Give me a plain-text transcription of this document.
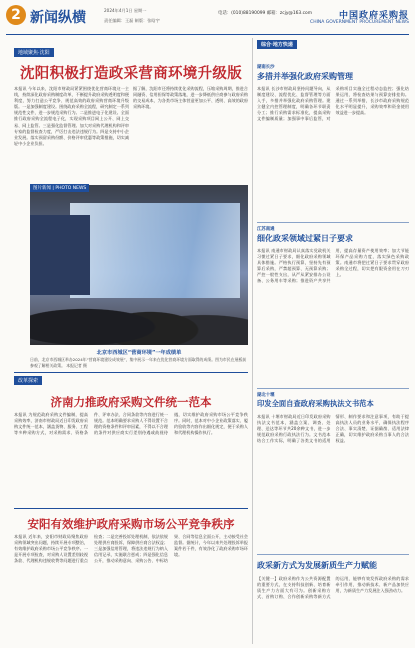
2 新闻纵横	2024年4月1日 星期一
责任编辑：王磊 制版：张晗宇
电话：(010)88190099 邮箱：zcjy@163.com	中国政府采购报
CHINA GOVERNMENT PROCUREMENT NEWS
地域聚焦·沈阳
沈阳积极打造政采营商环境升级版
本报讯 今年以来，沈阳市财政局紧紧围绕优化营商环境这一主线，持续深化政府采购制度改革，不断提升政府采购透明度和便利度，努力打造公平竞争、规范高效的政府采购营商环境升级版。一是加强制度建设。围绕政府采购全流程，研究制定一系列规范性文件，进一步规范采购行为。二是推进电子化建设。全面推行政府采购全流程电子化，实现采购项目网上公开、网上交易、网上监管。三是强化监督管理。加大对采购代理机构和评审专家的监督检查力度，严厉打击违法违规行为。四是支持中小企业发展。落实预留采购份额、价格评审优惠等政策措施，切实减轻中小企业负担。
据了解，沈阳市还将持续优化采购流程，压缩采购周期，推进合同融资、信用担保等政策落地，进一步降低供应商参与政府采购的交易成本，为各类市场主体营造更加公平、透明、高效的政府采购环境。
图片新闻 | PHOTO NEWS
北京市西城区“营商环境”一年成绩单
日前，北京市西城区举办2024年“营商环境建设成效展”，集中展示一年来在优化营商环境方面取得的成绩。图为市民在展板前参观了解相关政策。 本报记者 摄
改革探索
济南力推政府采购文件统一范本
本报讯 为规范政府采购文件编制，提高采购效率，济南市财政局近日印发政府采购文件统一范本，涵盖货物、服务、工程等多种采购方式，对采购需求、资格条件、评审办法、合同条款等内容进行统一规范。范本明确要求采购人不得设置不合理的资格条件和评审因素，不得以不合理的条件对供应商实行差别待遇或歧视待遇，切实维护政府采购市场公平竞争秩序。同时，范本对中小企业政策落实、履约验收等内容作出细化规定，便于采购人和代理机构操作执行。
安阳有效维护政府采购市场公平竞争秩序
本报讯 近年来，安阳市财政局聚焦政府采购领域突出问题，持续开展专项整治，有效维护政府采购市场公平竞争秩序。一是开展专项检查，对采购人设置差别歧视条款、代理机构违规收费等问题进行重点检查；二是完善投诉处理机制，依法依规处理供应商投诉，保障供应商合法权益；三是加强信用管理，将违法违规行为纳入信用记录，实施联合惩戒；四是强化信息公开，推动采购意向、采购公告、中标结果、合同等信息全面公开，主动接受社会监督。据统计，今年以来共处理投诉举报案件若干件，有效净化了政府采购市场环境。
综合·地方快递
湖南长沙
多措并举强化政府采购管理
本报讯 长沙市财政局坚持问题导向，从制度建设、流程优化、监督管理等方面入手，多措并举强化政府采购管理。建立健全内控管理制度，明确各环节职责分工；推行采购需求标准化，提高采购文件编制质量；加强事中事后监管，对采购项目实施全过程动态监控；强化结果运用，将检查结果与预算安排挂钩。通过一系列举措，长沙市政府采购规范化水平明显提升，采购效率和资金使用效益进一步提高。
江苏南通
细化政采领域过紧日子要求
本报讯 南通市财政局认真落实党政机关习惯过紧日子要求，细化政府采购领域具体措施。严格执行预算，坚持先有预算后采购，严禁超预算、无预算采购；严控一般性支出，从严从紧安排办公设备、公务用车等采购；推进资产共享共用，提高存量资产使用效率；加大节能环保产品采购力度，落实绿色采购政策。南通市将把过紧日子要求贯穿政府采购全过程，切实把有限资金用在刀刃上。
湖北十堰
印发全面自查政府采购执法文书范本
本报讯 十堰市财政局近日印发政府采购执法文书范本，涵盖立案、调查、处理、送达等环节共20余种文书，进一步规范政府采购行政执法行为。文书范本结合工作实际，明确了各类文书的适用情形、制作要求和注意事项，有助于提高执法人员的业务水平，确保执法程序合法、事实清楚、证据确凿、适用法律正确，切实维护政府采购当事人的合法权益。
政采新方式为发展新质生产力赋能
【关键一】政府采购作为公共资源配置的重要方式，在支持科技创新、培育新质生产力方面大有可为。创新采购方式、首购订购、合作创新采购等新方式的运用，能够有效发挥政府采购的需求牵引作用，推动新技术、新产品加快应用，为新质生产力发展注入强劲动力。
